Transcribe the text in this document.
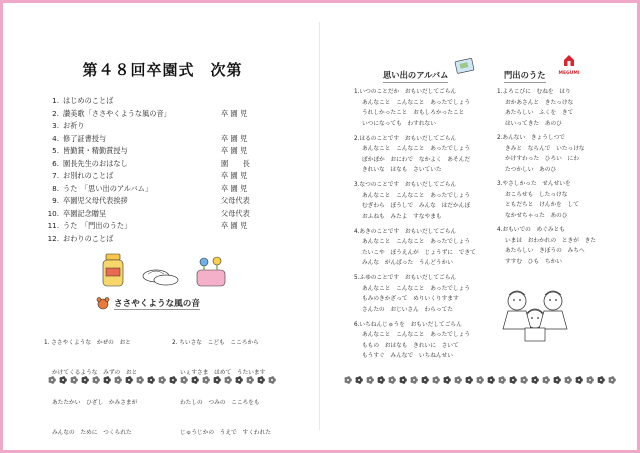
第４８回卒園式　次第
1. はじめのことば
2. 讃美歌「ささやくような風の音」	卒 園 児
3. お祈り
4. 修了証書授与	卒 園 児
5. 皆勤賞・精勤賞授与	卒 園 児
6. 園長先生のおはなし	園　　長
7. お別れのことば	卒 園 児
8. うた　「思い出のアルバム」	卒 園 児
9. 卒園児父母代表挨拶	父母代表
10. 卒園記念贈呈	父母代表
11. うた　「門出のうた」	卒 園 児
12. おわりのことば
ささやくような風の音

1. ささやくような　かぜの　おと

かけてくるような　みずの　おと

あたたかい　ひざし　かみさまが

みんなの　ために　つくられた

2. ちいさな　こども　こころから

いぇすさま　ほめて　うたいます

わたしの　つみの　こころをも

じゅうじかの　うえで　すくわれた

思い出のアルバム	門出のうた	MEGUMI
1.いつのことだか　おもいだしてごらん
あんなこと　こんなこと　あったでしょう
うれしかったこと　おもしろかったこと
いつになっても　わすれない
2.はるのことです　おもいだしてごらん
あんなこと　こんなこと　あったでしょう
ぽかぽか　おにわで　なかよく　あそんだ
きれいな　はなも　さいていた
3.なつのことです　おもいだしてごらん
あんなこと　こんなこと　あったでしょう
むぎわら　ぼうしで　みんな　はだかんぼ
おふねも　みたよ　すなやまも
4.あきのことです　おもいだしてごらん
あんなこと　こんなこと　あったでしょう
たいこや　ぼうえんが　じょうずに　できて
みんな　がんばった　うんどうかい
5.ふゆのことです　おもいだしてごらん
あんなこと　こんなこと　あったでしょう
もみのきかざって　めりいくりすます
さんたの　おじいさん　わらってた
6.いちねんじゅうを　おもいだしてごらん
あんなこと　こんなこと　あったでしょう
ももの　おはなも　きれいに　さいて
もうすぐ　みんなで　いちねんせい
1.よろこびに　むねを　はり
おかあさんと　きたっけな
あたらしい　ふくを　きて
はいってきた　あのひ
2.あんない　きょうしつで
きみと　ならんで　いたっけな
かけすわった　ひろい　にわ
たつかしい　あのひ
3.やさしかった　せんせいを
おこらせも　したっけな
ともだちと　けんかを　して
なかせちゃった　あのひ
4.おもいでの　めぐみとも
いまは　おわかれの　ときが　きた
あたらしい　きぼうの　みちへ
すすむ　ひも　ちかい
